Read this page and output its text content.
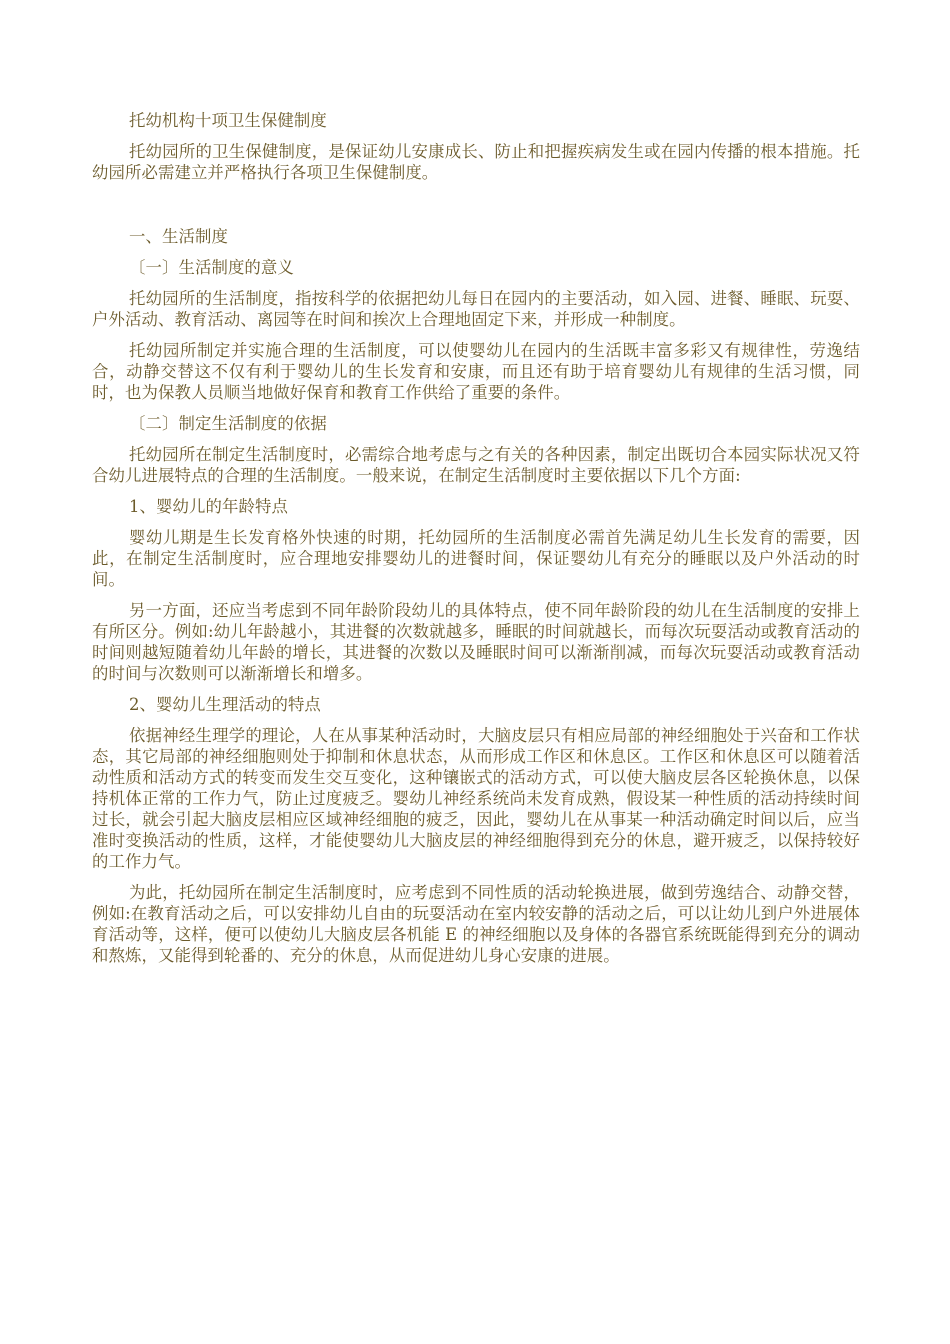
托幼机构十项卫生保健制度

托幼园所的卫生保健制度，是保证幼儿安康成长、防止和把握疾病发生或在园内传播的根本措施。托幼园所必需建立并严格执行各项卫生保健制度。

一、生活制度

〔一〕生活制度的意义

托幼园所的生活制度，指按科学的依据把幼儿每日在园内的主要活动，如入园、进餐、睡眠、玩耍、户外活动、教育活动、离园等在时间和挨次上合理地固定下来，并形成一种制度。

托幼园所制定并实施合理的生活制度，可以使婴幼儿在园内的生活既丰富多彩又有规律性，劳逸结合，动静交替这不仅有利于婴幼儿的生长发育和安康，而且还有助于培育婴幼儿有规律的生活习惯，同时，也为保教人员顺当地做好保育和教育工作供给了重要的条件。

〔二〕制定生活制度的依据

托幼园所在制定生活制度时，必需综合地考虑与之有关的各种因素，制定出既切合本园实际状况又符合幼儿进展特点的合理的生活制度。一般来说，在制定生活制度时主要依据以下几个方面:

1、婴幼儿的年龄特点

婴幼儿期是生长发育格外快速的时期，托幼园所的生活制度必需首先满足幼儿生长发育的需要，因此，在制定生活制度时，应合理地安排婴幼儿的进餐时间，保证婴幼儿有充分的睡眠以及户外活动的时间。

另一方面，还应当考虑到不同年龄阶段幼儿的具体特点，使不同年龄阶段的幼儿在生活制度的安排上有所区分。例如:幼儿年龄越小，其进餐的次数就越多，睡眠的时间就越长，而每次玩耍活动或教育活动的时间则越短随着幼儿年龄的增长，其进餐的次数以及睡眠时间可以渐渐削减，而每次玩耍活动或教育活动的时间与次数则可以渐渐增长和增多。

2、婴幼儿生理活动的特点

依据神经生理学的理论，人在从事某种活动时，大脑皮层只有相应局部的神经细胞处于兴奋和工作状态，其它局部的神经细胞则处于抑制和休息状态，从而形成工作区和休息区。工作区和休息区可以随着活动性质和活动方式的转变而发生交互变化，这种镶嵌式的活动方式，可以使大脑皮层各区轮换休息，以保持机体正常的工作力气，防止过度疲乏。婴幼儿神经系统尚未发育成熟，假设某一种性质的活动持续时间过长，就会引起大脑皮层相应区域神经细胞的疲乏，因此，婴幼儿在从事某一种活动确定时间以后，应当准时变换活动的性质，这样，才能使婴幼儿大脑皮层的神经细胞得到充分的休息，避开疲乏，以保持较好的工作力气。

为此，托幼园所在制定生活制度时，应考虑到不同性质的活动轮换进展，做到劳逸结合、动静交替，例如:在教育活动之后，可以安排幼儿自由的玩耍活动在室内较安静的活动之后，可以让幼儿到户外进展体育活动等，这样，便可以使幼儿大脑皮层各机能 E 的神经细胞以及身体的各器官系统既能得到充分的调动和熬炼，又能得到轮番的、充分的休息，从而促进幼儿身心安康的进展。
